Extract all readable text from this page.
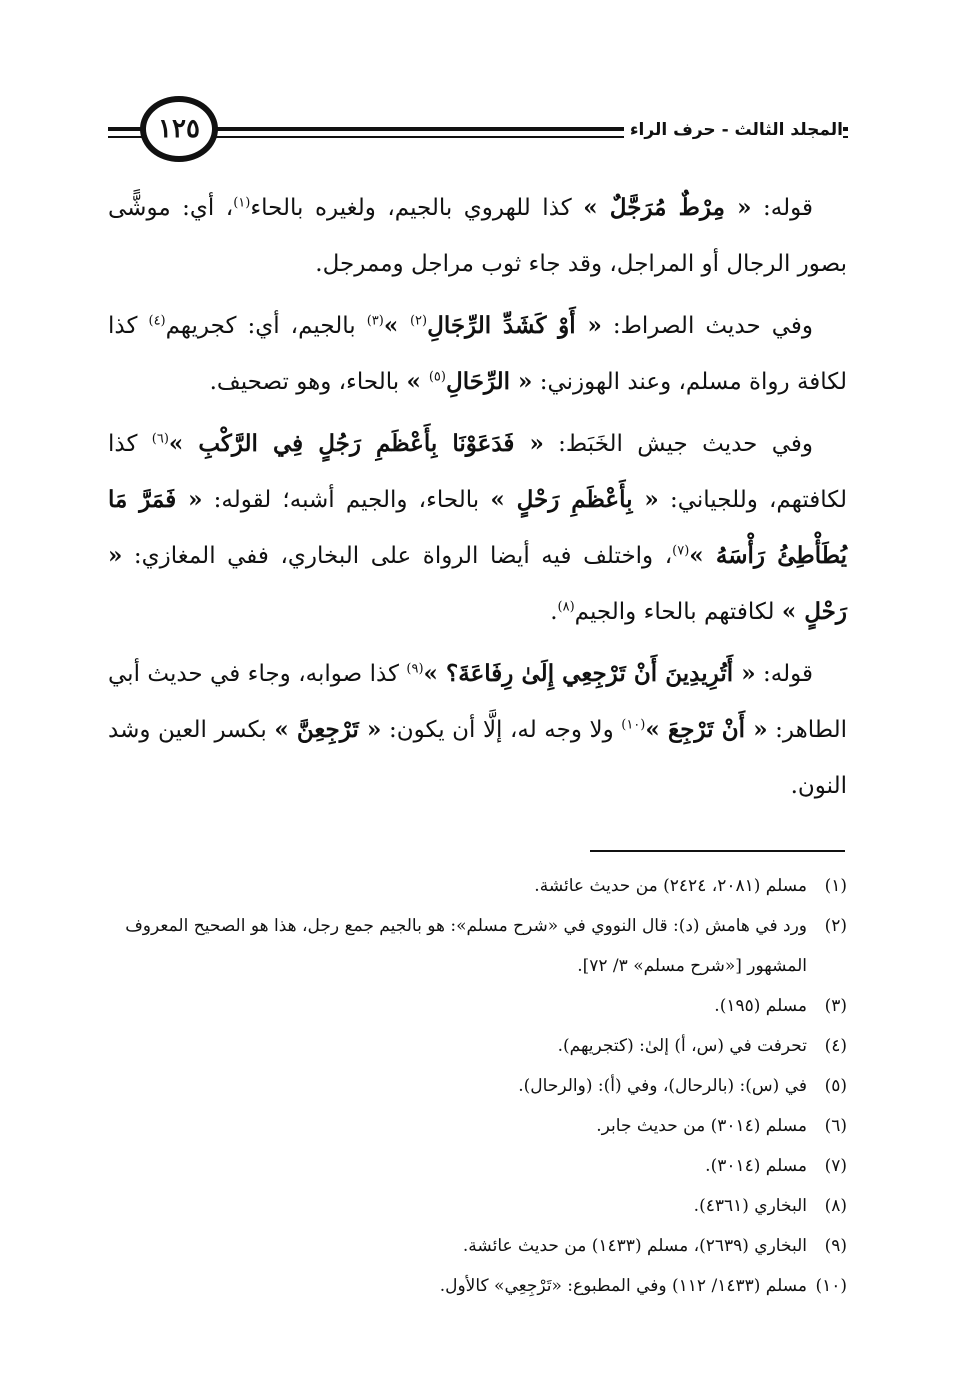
المجلد الثالث - حرف الراء
١٢٥

قوله: « مِرْطٌ مُرَجَّلٌ » كذا للهروي بالجيم، ولغيره بالحاء$^{(١)}$، أي: موشًّى بصور الرجال أو المراجل، وقد جاء ثوب مراجل وممرجل.

وفي حديث الصراط: « أَوْ كَشَدِّ الرِّجَالِ$^{(٢)}$ »$^{(٣)}$ بالجيم، أي: كجريهم$^{(٤)}$ كذا لكافة رواة مسلم، وعند الهوزني: « الرِّحَالِ$^{(٥)}$ » بالحاء، وهو تصحيف.

وفي حديث جيش الخَبَط: « فَدَعَوْنَا بِأَعْظَمِ رَجُلٍ فِي الرَّكْبِ »$^{(٦)}$ كذا لكافتهم، وللجياني: « بِأَعْظَمِ رَحْلٍ » بالحاء، والجيم أشبه؛ لقوله: « فَمَرَّ مَا يُطَأْطِئُ رَأْسَهُ »$^{(٧)}$، واختلف فيه أيضا الرواة على البخاري، ففي المغازي: « رَحْلٍ » لكافتهم بالحاء والجيم$^{(٨)}$.

قوله: « أَتُرِيدِينَ أَنْ تَرْجِعِي إِلَىٰ رِفَاعَةَ؟ »$^{(٩)}$ كذا صوابه، وجاء في حديث أبي الطاهر: « أَنْ تَرْجِعَ »$^{(١٠)}$ ولا وجه له، إلَّا أن يكون: « تَرْجِعِنَّ » بكسر العين وشد النون.

(١)
مسلم (٢٠٨١، ٢٤٢٤) من حديث عائشة.
(٢)
ورد في هامش (د): قال النووي في «شرح مسلم»: هو بالجيم جمع رجل، هذا هو الصحيح المعروف المشهور [«شرح مسلم» ٣/ ٧٢].
(٣)
مسلم (١٩٥).
(٤)
تحرفت في (س، أ) إلىٰ: (كتجريهم).
(٥)
في (س): (بالرحال)، وفي (أ): (والرحال).
(٦)
مسلم (٣٠١٤) من حديث جابر.
(٧)
مسلم (٣٠١٤).
(٨)
البخاري (٤٣٦١).
(٩)
البخاري (٢٦٣٩)، مسلم (١٤٣٣) من حديث عائشة.
(١٠)
مسلم (١٤٣٣/ ١١٢) وفي المطبوع: «تَرْجِعِي» كالأول.
